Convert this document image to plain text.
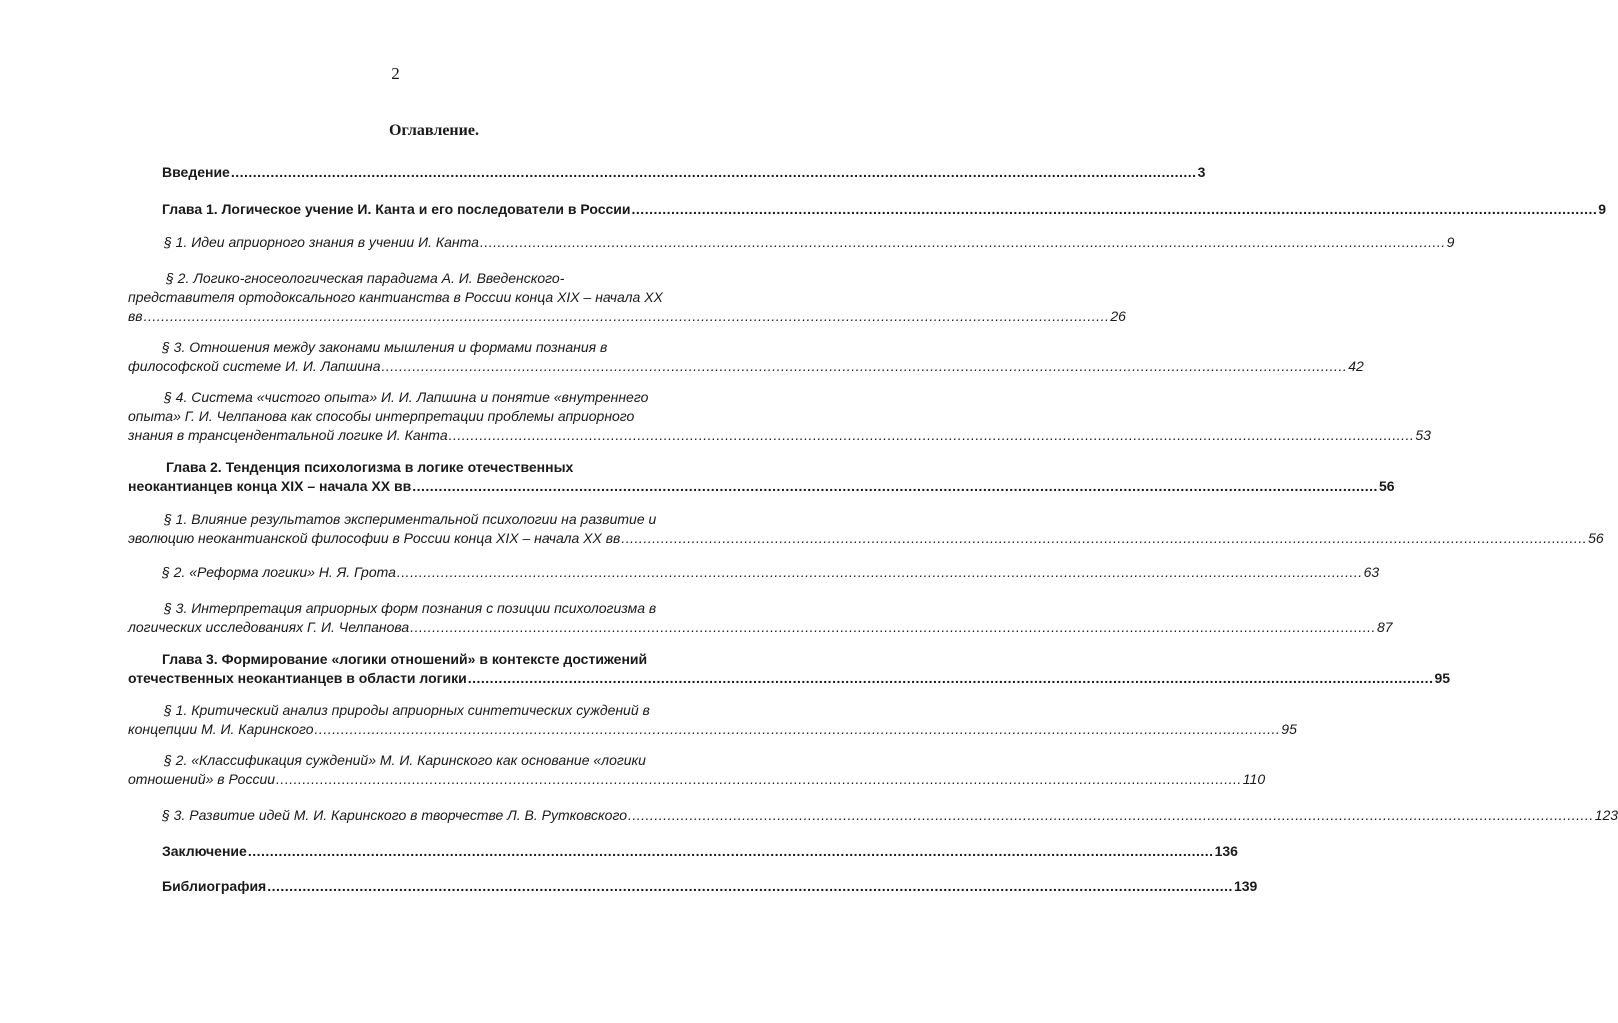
2
Оглавление.
Введение ............................................................................................................................................................................................................................ 3
Глава 1. Логическое учение И. Канта и его последователи в России ............................................................................................................................................................................................................................ 9
§ 1. Идеи априорного знания в учении И. Канта ............................................................................................................................................................................................................................ 9
§ 2. Логико-гносеологическая парадигма А. И. Введенского-
представителя ортодоксального кантианства в России конца XIX – начала XX
вв ............................................................................................................................................................................................................................ 26
§ 3. Отношения между законами мышления и формами познания в
философской системе И. И. Лапшина ............................................................................................................................................................................................................................ 42
§ 4. Система «чистого опыта» И. И. Лапшина и понятие «внутреннего
опыта» Г. И. Челпанова как способы интерпретации проблемы априорного
знания в трансцендентальной логике И. Канта ............................................................................................................................................................................................................................ 53
Глава 2. Тенденция психологизма в логике отечественных
неокантианцев конца XIX – начала XX вв ............................................................................................................................................................................................................................ 56
§ 1. Влияние результатов экспериментальной психологии на развитие и
эволюцию неокантианской философии в России конца XIX – начала XX вв ............................................................................................................................................................................................................................ 56
§ 2. «Реформа логики» Н. Я. Грота ............................................................................................................................................................................................................................ 63
§ 3. Интерпретация априорных форм познания с позиции психологизма в
логических исследованиях Г. И. Челпанова ............................................................................................................................................................................................................................ 87
Глава 3. Формирование «логики отношений» в контексте достижений
отечественных неокантианцев в области логики ............................................................................................................................................................................................................................ 95
§ 1. Критический анализ природы априорных синтетических суждений в
концепции М. И. Каринского ............................................................................................................................................................................................................................ 95
§ 2. «Классификация суждений» М. И. Каринского как основание «логики
отношений» в России ............................................................................................................................................................................................................................ 110
§ 3. Развитие идей М. И. Каринского в творчестве Л. В. Рутковского ............................................................................................................................................................................................................................ 123
Заключение ............................................................................................................................................................................................................................ 136
Библиография ............................................................................................................................................................................................................................ 139
